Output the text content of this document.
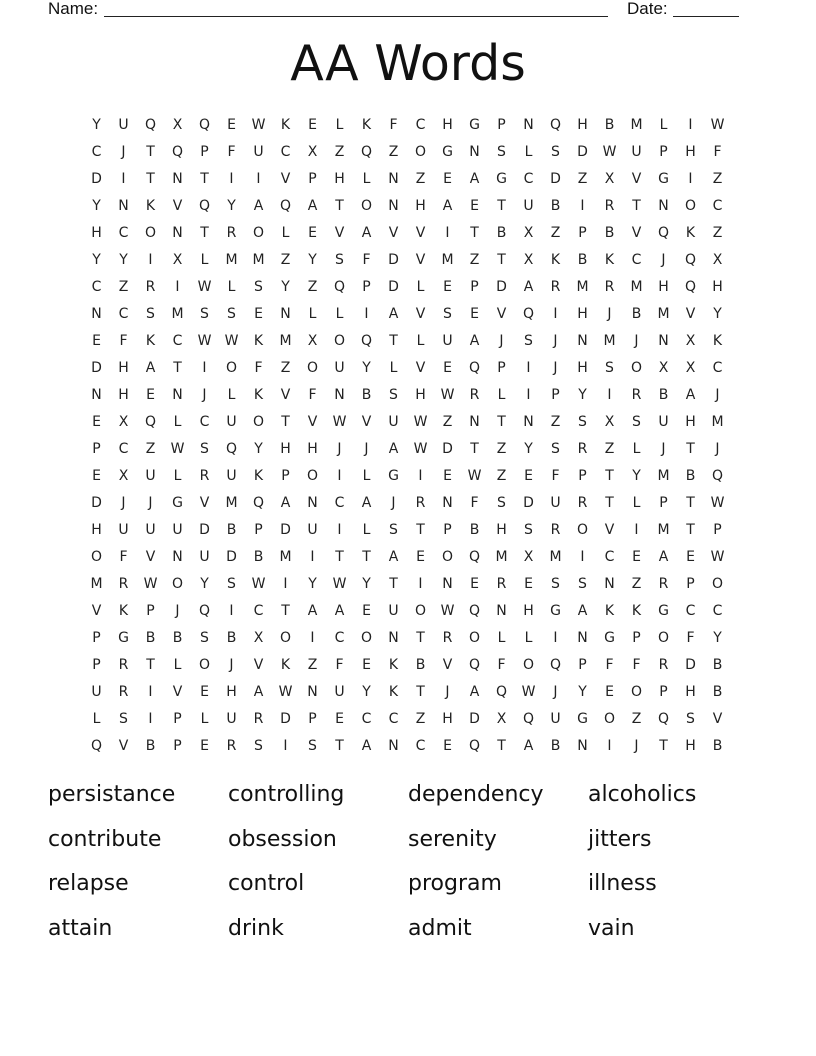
Name:	Date:
AA Words
Y	U	Q	X	Q	E	W	K	E	L	K	F	C	H	G	P	N	Q	H	B	M	L	I	W
C	J	T	Q	P	F	U	C	X	Z	Q	Z	O	G	N	S	L	S	D	W	U	P	H	F
D	I	T	N	T	I	I	V	P	H	L	N	Z	E	A	G	C	D	Z	X	V	G	I	Z
Y	N	K	V	Q	Y	A	Q	A	T	O	N	H	A	E	T	U	B	I	R	T	N	O	C
H	C	O	N	T	R	O	L	E	V	A	V	V	I	T	B	X	Z	P	B	V	Q	K	Z
Y	Y	I	X	L	M	M	Z	Y	S	F	D	V	M	Z	T	X	K	B	K	C	J	Q	X
C	Z	R	I	W	L	S	Y	Z	Q	P	D	L	E	P	D	A	R	M	R	M	H	Q	H
N	C	S	M	S	S	E	N	L	L	I	A	V	S	E	V	Q	I	H	J	B	M	V	Y
E	F	K	C	W W	K	M	X	O	Q	T	L	U	A	J	S	J	N	M	J	N	X	K
D	H	A	T	I	O	F	Z	O	U	Y	L	V	E	Q	P	I	J	H	S	O	X	X	C
N	H	E	N	J	L	K	V	F	N	B	S	H	W	R	L	I	P	Y	I	R	B	A	J
E	X	Q	L	C	U	O	T	V	W	V	U	W	Z	N	T	N	Z	S	X	S	U	H	M
P	C	Z	W	S	Q	Y	H	H	J	J	A	W	D	T	Z	Y	S	R	Z	L	J	T	J
E	X	U	L	R	U	K	P	O	I	L	G	I	E	W	Z	E	F	P	T	Y	M	B	Q
D	J	J	G	V	M	Q	A	N	C	A	J	R	N	F	S	D	U	R	T	L	P	T	W
H	U	U	U	D	B	P	D	U	I	L	S	T	P	B	H	S	R	O	V	I	M	T	P
O	F	V	N	U	D	B	M	I	T	T	A	E	O	Q	M	X	M	I	C	E	A	E	W
M	R	W	O	Y	S	W	I	Y	W	Y	T	I	N	E	R	E	S	S	N	Z	R	P	O
V	K	P	J	Q	I	C	T	A	A	E	U	O	W	Q	N	H	G	A	K	K	G	C	C
P	G	B	B	S	B	X	O	I	C	O	N	T	R	O	L	L	I	N	G	P	O	F	Y
P	R	T	L	O	J	V	K	Z	F	E	K	B	V	Q	F	O	Q	P	F	F	R	D	B
U	R	I	V	E	H	A	W	N	U	Y	K	T	J	A	Q	W	J	Y	E	O	P	H	B
L	S	I	P	L	U	R	D	P	E	C	C	Z	H	D	X	Q	U	G	O	Z	Q	S	V
Q	V	B	P	E	R	S	I	S	T	A	N	C	E	Q	T	A	B	N	I	J	T	H	B
persistance	controlling	dependency	alcoholics
contribute	obsession	serenity	jitters
relapse	control	program	illness
attain	drink	admit	vain
